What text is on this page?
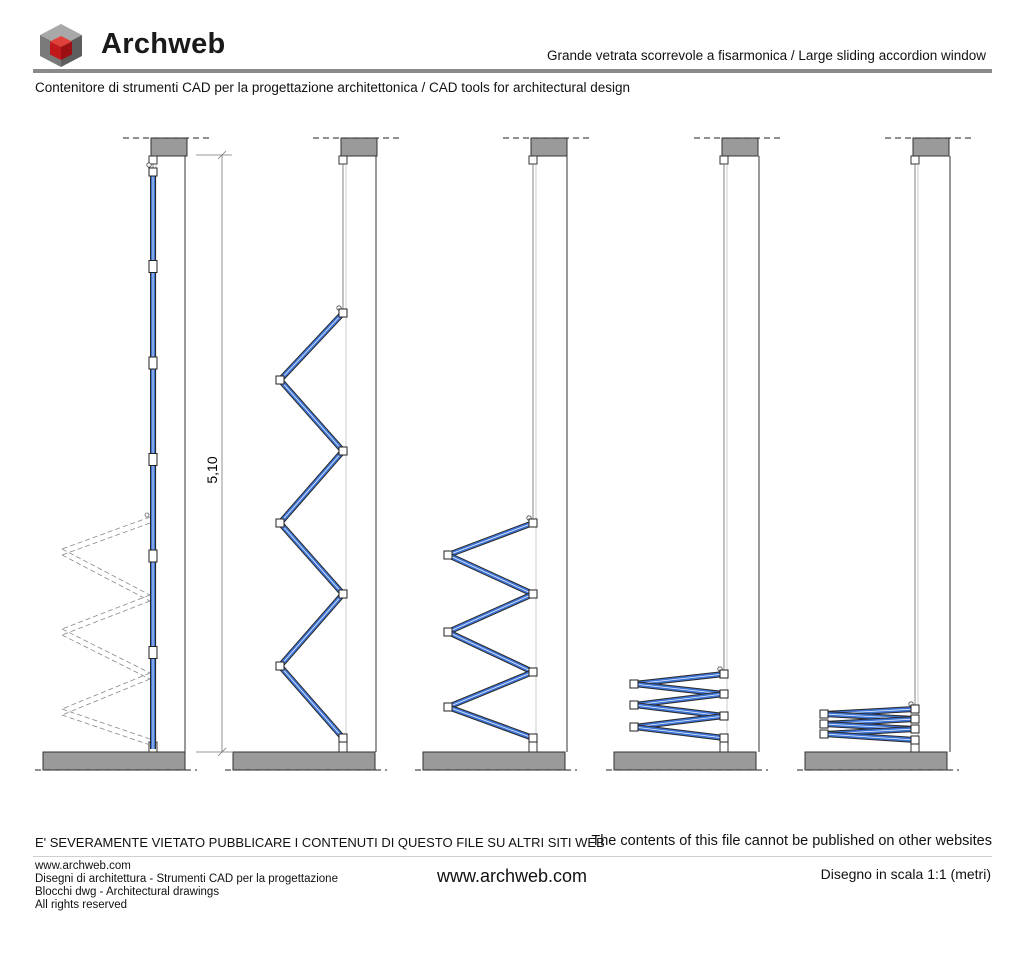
Archweb	Grande vetrata scorrevole a fisarmonica / Large sliding accordion window
Contenitore di strumenti CAD per la progettazione architettonica / CAD tools for architectural design
5,10
E' SEVERAMENTE VIETATO PUBBLICARE I CONTENUTI DI QUESTO FILE SU ALTRI SITI WEB
The contents of this file cannot be published on other websites
www.archweb.com
Disegni di architettura - Strumenti CAD per la progettazione
Blocchi dwg - Architectural drawings
All rights reserved
www.archweb.com	Disegno in scala 1:1 (metri)
